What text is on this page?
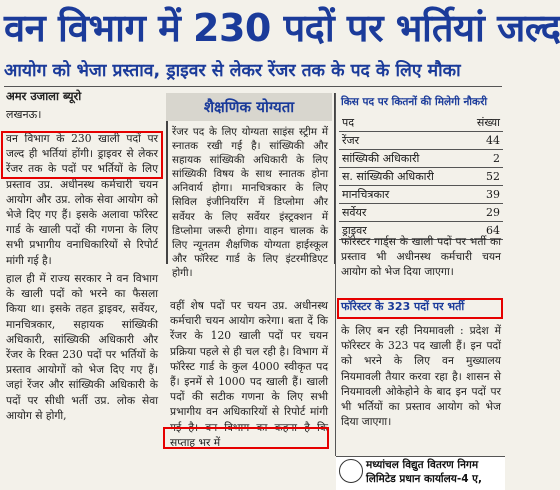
वन विभाग में 230 पदों पर भर्तियां जल्द
आयोग को भेजा प्रस्ताव, ड्राइवर से लेकर रेंजर तक के पद के लिए मौका
अमर उजाला ब्यूरो
लखनऊ।
वन विभाग के 230 खाली पदों पर जल्द ही भर्तियां होंगी। ड्राइवर से लेकर रेंजर तक के पदों पर भर्तियों के लिए प्रस्ताव उप्र. अधीनस्थ कर्मचारी चयन आयोग और उप्र. लोक सेवा आयोग को भेजे दिए गए हैं। इसके अलावा फॉरेस्ट गार्ड के खाली पदों की गणना के लिए सभी प्रभागीय वनाधिकारियों से रिपोर्ट मांगी गई है।
हाल ही में राज्य सरकार ने वन विभाग के खाली पदों को भरने का फैसला किया था। इसके तहत ड्राइवर, सर्वेयर, मानचित्रकार, सहायक सांख्यिकी अधिकारी, सांख्यिकी अधिकारी और रेंजर के रिक्त 230 पदों पर भर्तियों के प्रस्ताव आयोगों को भेज दिए गए हैं। जहां रेंजर और सांख्यिकी अधिकारी के पदों पर सीधी भर्ती उप्र. लोक सेवा आयोग से होगी,
शैक्षणिक योग्यता
रेंजर पद के लिए योग्यता साइंस स्ट्रीम में स्नातक रखी गई है। सांख्यिकी और सहायक सांख्यिकी अधिकारी के लिए सांख्यिकी विषय के साथ स्नातक होना अनिवार्य होगा। मानचित्रकार के लिए सिविल इंजीनियरिंग में डिप्लोमा और सर्वेयर के लिए सर्वेयर इंस्ट्रक्शन में डिप्लोमा जरूरी होगा। वाहन चालक के लिए न्यूनतम शैक्षणिक योग्यता हाईस्कूल और फॉरेस्ट गार्ड के लिए इंटरमीडिएट होगी।
वहीं शेष पदों पर चयन उप्र. अधीनस्थ कर्मचारी चयन आयोग करेगा। बता दें कि रेंजर के 120 खाली पदों पर चयन प्रक्रिया पहले से ही चल रही है। विभाग में फॉरेस्ट गार्ड के कुल 4000 स्वीकृत पद हैं। इनमें से 1000 पद खाली हैं। खाली पदों की सटीक गणना के लिए सभी प्रभागीय वन अधिकारियों से रिपोर्ट मांगी गई है। वन विभाग का कहना है कि सप्ताह भर में
किस पद पर कितनों की मिलेगी नौकरी
पद	संख्या
रेंजर	44
सांख्यिकी अधिकारी	2
स. सांख्यिकी अधिकारी	52
मानचित्रकार	39
सर्वेयर	29
ड्राइवर	64
फॉरेस्टर गार्ड्स के खाली पदों पर भर्ती का प्रस्ताव भी अधीनस्थ कर्मचारी चयन आयोग को भेज दिया जाएगा।
फॉरेस्टर के 323 पदों पर भर्ती
के लिए बन रही नियमावली : प्रदेश में फॉरेस्टर के 323 पद खाली हैं। इन पदों को भरने के लिए वन मुख्यालय नियमावली तैयार करवा रहा है। शासन से नियमावली ओकेहोने के बाद इन पदों पर भी भर्तियों का प्रस्ताव आयोग को भेज दिया जाएगा।
मध्यांचल विद्युत वितरण निगम
लिमिटेड प्रधान कार्यालय-4 ए,
